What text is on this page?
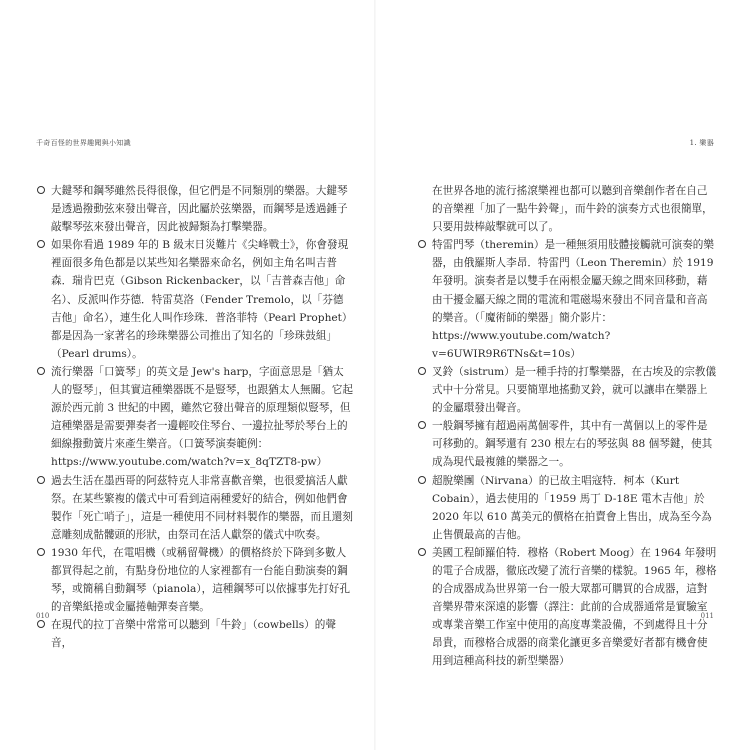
千奇百怪的世界趣聞與小知識
大鍵琴和鋼琴雖然長得很像，但它們是不同類別的樂器。大鍵琴是透過撥動弦來發出聲音，因此屬於弦樂器，而鋼琴是透過錘子敲擊琴弦來發出聲音，因此被歸類為打擊樂器。
如果你看過 1989 年的 B 級末日災難片《尖峰戰士》，你會發現裡面很多角色都是以某些知名樂器來命名，例如主角名叫吉普森．瑞肯巴克（Gibson Rickenbacker，以「吉普森吉他」命名）、反派叫作芬德．特雷莫洛（Fender Tremolo，以「芬德吉他」命名），連生化人叫作珍珠．普洛菲特（Pearl Prophet）都是因為一家著名的珍珠樂器公司推出了知名的「珍珠鼓組」（Pearl drums）。
流行樂器「口簧琴」的英文是 Jew's harp，字面意思是「猶太人的豎琴」，但其實這種樂器既不是豎琴，也跟猶太人無關。它起源於西元前 3 世紀的中國，雖然它發出聲音的原理類似豎琴，但這種樂器是需要彈奏者一邊輕咬住琴台、一邊拉扯琴於琴台上的細線撥動簧片來產生樂音。（口簧琴演奏範例：https://www.youtube.com/watch?v=x_8qTZT8-pw）
過去生活在墨西哥的阿茲特克人非常喜歡音樂，也很愛搞活人獻祭。在某些繁複的儀式中可看到這兩種愛好的結合，例如他們會製作「死亡哨子」，這是一種使用不同材料製作的樂器，而且還刻意雕刻成骷髏頭的形狀，由祭司在活人獻祭的儀式中吹奏。
1930 年代，在電唱機（或稱留聲機）的價格終於下降到多數人都買得起之前，有點身份地位的人家裡都有一台能自動演奏的鋼琴，或簡稱自動鋼琴（pianola），這種鋼琴可以依據事先打好孔的音樂紙捲或金屬捲軸彈奏音樂。
在現代的拉丁音樂中常常可以聽到「牛鈴」（cowbells）的聲音，
010
1. 樂器
在世界各地的流行搖滾樂裡也都可以聽到音樂創作者在自己的音樂裡「加了一點牛鈴聲」，而牛鈴的演奏方式也很簡單，只要用鼓棒敲擊就可以了。
特雷門琴（theremin）是一種無須用肢體接觸就可演奏的樂器，由俄羅斯人李昂．特雷門（Leon Theremin）於 1919 年發明。演奏者是以雙手在兩根金屬天線之間來回移動，藉由干擾金屬天線之間的電流和電磁場來發出不同音量和音高的樂音。（「魔術師的樂器」簡介影片：https://www.youtube.com/watch?v=6UWIR9R6TNs&t=10s）
叉鈴（sistrum）是一種手持的打擊樂器，在古埃及的宗教儀式中十分常見。只要簡單地搖動叉鈴，就可以讓串在樂器上的金屬環發出聲音。
一般鋼琴擁有超過兩萬個零件，其中有一萬個以上的零件是可移動的。鋼琴還有 230 根左右的琴弦與 88 個琴鍵，使其成為現代最複雜的樂器之一。
超脫樂團（Nirvana）的已故主唱寇特．柯本（Kurt Cobain），過去使用的「1959 馬丁 D-18E 電木吉他」於 2020 年以 610 萬美元的價格在拍賣會上售出，成為至今為止售價最高的吉他。
美國工程師羅伯特．穆格（Robert Moog）在 1964 年發明的電子合成器，徹底改變了流行音樂的樣貌。1965 年，穆格的合成器成為世界第一台一般大眾都可購買的合成器，這對音樂界帶來深遠的影響（譯注：此前的合成器通常是實驗室或專業音樂工作室中使用的高度專業設備，不到處得且十分昂貴，而穆格合成器的商業化讓更多音樂愛好者都有機會使用到這種高科技的新型樂器）
011
